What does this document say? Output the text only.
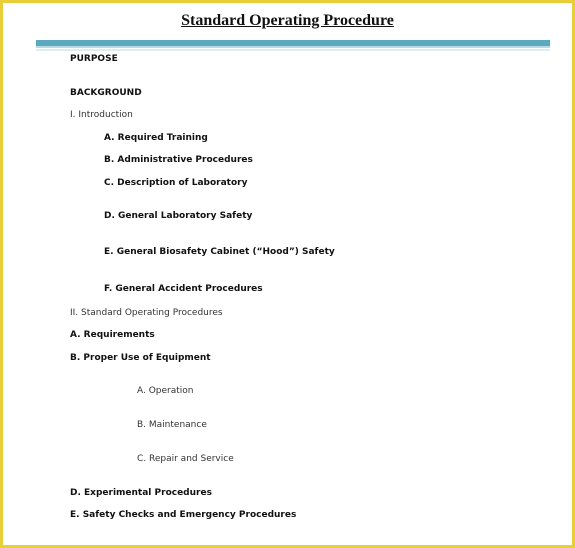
Standard Operating Procedure
PURPOSE
BACKGROUND
I. Introduction
A. Required Training
B. Administrative Procedures
C. Description of Laboratory
D. General Laboratory Safety
E. General Biosafety Cabinet (“Hood”) Safety
F. General Accident Procedures
II. Standard Operating Procedures
A. Requirements
B. Proper Use of Equipment
A. Operation
B. Maintenance
C. Repair and Service
D. Experimental Procedures
E. Safety Checks and Emergency Procedures
